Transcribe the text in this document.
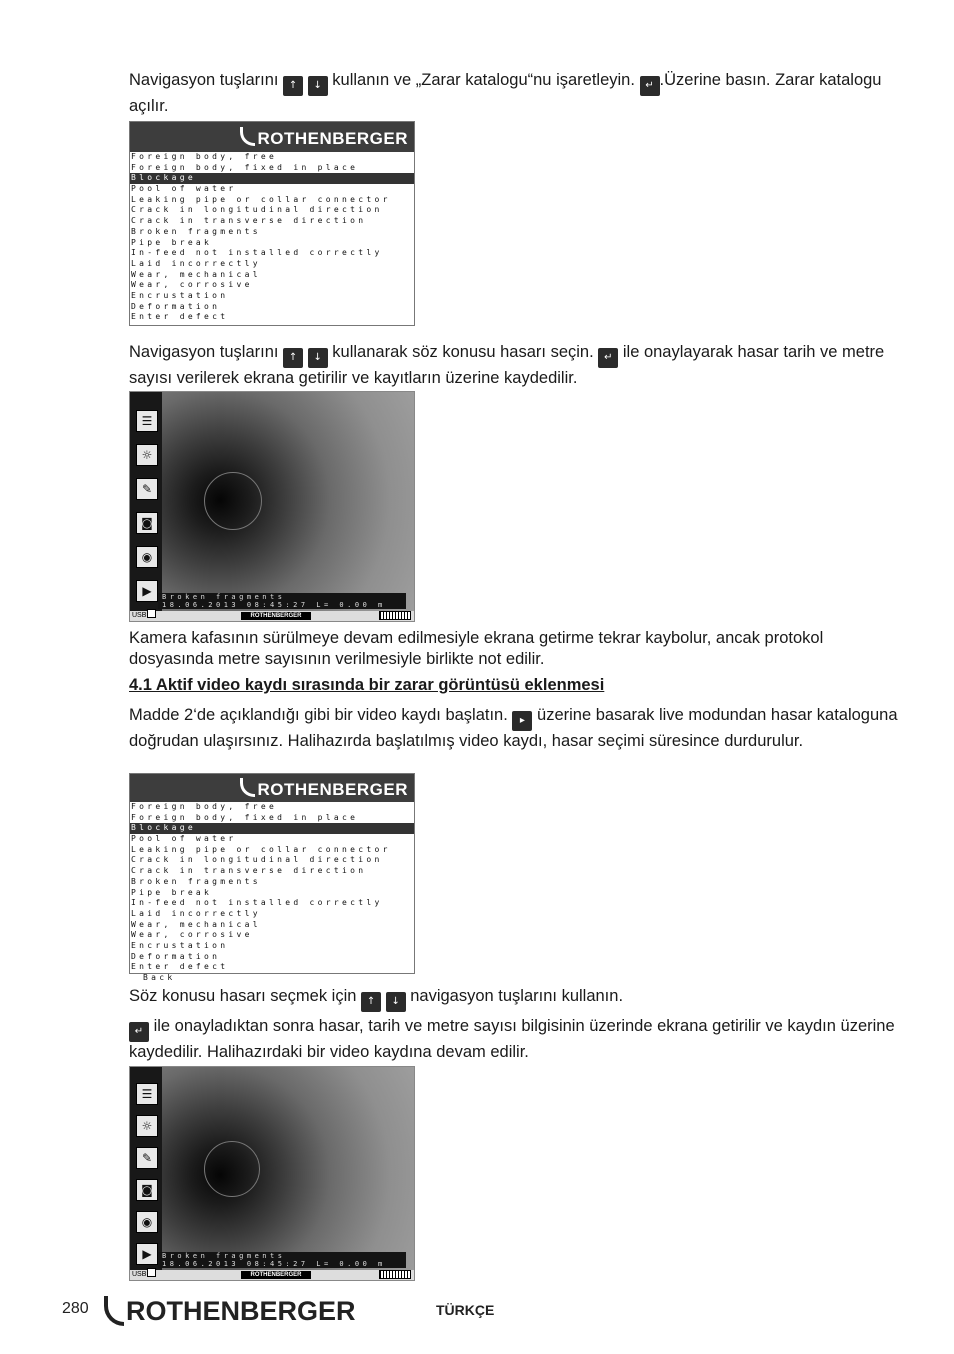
Navigasyon tuşlarını ↑ ↓ kullanın ve „Zarar katalogu“nu işaretleyin. ↵ .Üzerine basın. Zarar katalogu açılır.
ROTHENBERGER
Foreign body, free
Foreign body, fixed in place
Blockage
Pool of water
Leaking pipe or collar connector
Crack in longitudinal direction
Crack in transverse direction
Broken fragments
Pipe break
In-feed not installed correctly
Laid incorrectly
Wear, mechanical
Wear, corrosive
Encrustation
Deformation
Enter defect
Navigasyon tuşlarını ↑ ↓ kullanarak söz konusu hasarı seçin. ↵ ile onaylayarak hasar tarih ve metre sayısı verilerek ekrana getirilir ve kayıtların üzerine kaydedilir.
☰
☼
✎
◙
◉
▶	Broken fragments
18.06.2013 08:45:27 L= 0.00 m
USB	ROTHENBERGER
Kamera kafasının sürülmeye devam edilmesiyle ekrana getirme tekrar kaybolur, ancak protokol dosyasında metre sayısının verilmesiyle birlikte not edilir.
4.1 Aktif video kaydı sırasında bir zarar görüntüsü eklenmesi
Madde 2‘de açıklandığı gibi bir video kaydı başlatın. ▸ üzerine basarak live modundan hasar kataloguna doğrudan ulaşırsınız. Halihazırda başlatılmış video kaydı, hasar seçimi süresince durdurulur.
ROTHENBERGER
Foreign body, free
Foreign body, fixed in place
Blockage
Pool of water
Leaking pipe or collar connector
Crack in longitudinal direction
Crack in transverse direction
Broken fragments
Pipe break
In-feed not installed correctly
Laid incorrectly
Wear, mechanical
Wear, corrosive
Encrustation
Deformation
Enter defect
Back
Söz konusu hasarı seçmek için ↑ ↓ navigasyon tuşlarını kullanın.
↵ ile onayladıktan sonra hasar, tarih ve metre sayısı bilgisinin üzerinde ekrana getirilir ve kaydın üzerine kaydedilir. Halihazırdaki bir video kaydına devam edilir.
☰
☼
✎
◙
◉
▶	Broken fragments
18.06.2013 08:45:27 L= 0.00 m
USB	ROTHENBERGER
280	ROTHENBERGER	TÜRKÇE
